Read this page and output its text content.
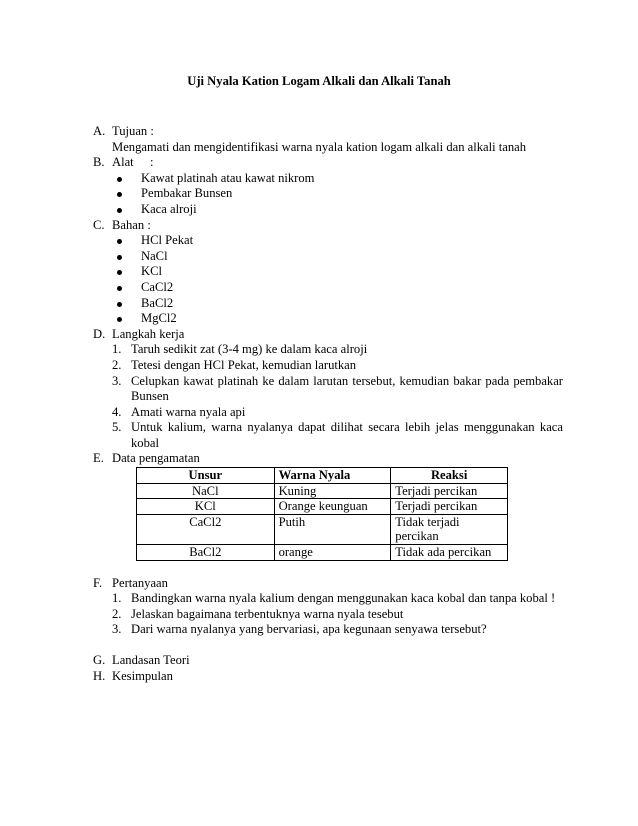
Uji Nyala Kation Logam Alkali dan Alkali Tanah
A. Tujuan :
Mengamati dan mengidentifikasi warna nyala kation logam alkali dan alkali tanah
B. Alat :
Kawat platinah atau kawat nikrom
Pembakar Bunsen
Kaca alroji
C. Bahan :
HCl Pekat
NaCl
KCl
CaCl2
BaCl2
MgCl2
D. Langkah kerja
1. Taruh sedikit zat (3-4 mg) ke dalam kaca alroji
2. Tetesi dengan HCl Pekat, kemudian larutkan
3. Celupkan kawat platinah ke dalam larutan tersebut, kemudian bakar pada pembakar Bunsen
4. Amati warna nyala api
5. Untuk kalium, warna nyalanya dapat dilihat secara lebih jelas menggunakan kaca kobal
E. Data pengamatan
Unsur	Warna Nyala	Reaksi
NaCl	Kuning	Terjadi percikan
KCl	Orange keunguan	Terjadi percikan
CaCl2	Putih	Tidak terjadi percikan
BaCl2	orange	Tidak ada percikan
F. Pertanyaan
1. Bandingkan warna nyala kalium dengan menggunakan kaca kobal dan tanpa kobal !
2. Jelaskan bagaimana terbentuknya warna nyala tesebut
3. Dari warna nyalanya yang bervariasi, apa kegunaan senyawa tersebut?
G. Landasan Teori
H. Kesimpulan
